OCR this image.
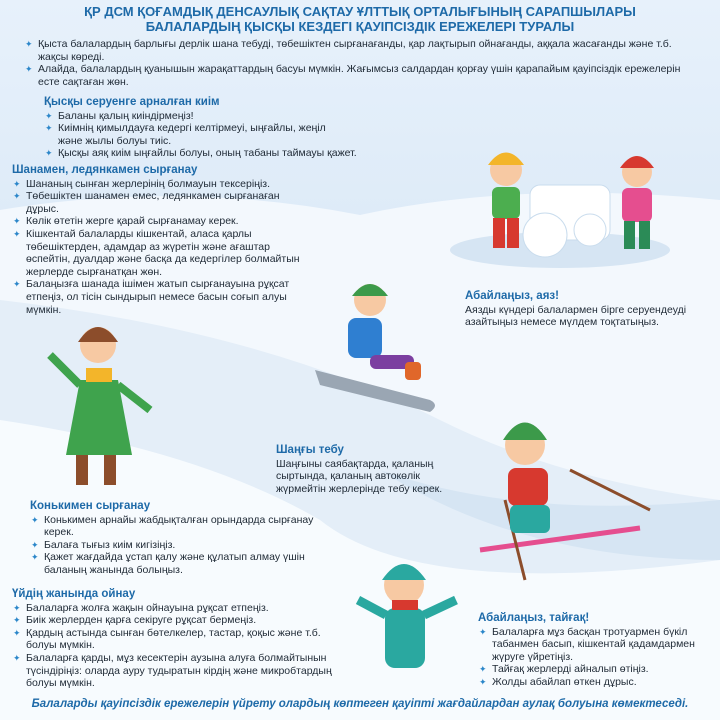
ҚР ДСМ ҚОҒАМДЫҚ ДЕНСАУЛЫҚ САҚТАУ ҰЛТТЫҚ ОРТАЛЫҒЫНЫҢ САРАПШЫЛАРЫ
БАЛАЛАРДЫҢ ҚЫСҚЫ КЕЗДЕГІ ҚАУІПСІЗДІК ЕРЕЖЕЛЕРІ ТУРАЛЫ
✦ Қыста балалардың барлығы дерлік шана тебуді, төбешіктен сырғанағанды, қар лақтырып ойнағанды, аққала жасағанды және т.б. жақсы көреді.
✦ Алайда, балалардың қуанышын жарақаттардың басуы мүмкін. Жағымсыз салдардан қорғау үшін қарапайым қауіпсіздік ережелерін есте сақтаған жөн.
Қысқы серуенге арналған киім
✦ Баланы қалың киіндірмеңіз!
✦ Киімнің қимылдауға кедергі келтірмеуі, ыңғайлы, жеңіл және жылы болуы тиіс.
✦ Қысқы аяқ киім ыңғайлы болуы, оның табаны таймауы қажет.
Шанамен, ледянкамен сырғанау
✦ Шананың сынған жерлерінің болмауын тексеріңіз.
✦ Төбешіктен шанамен емес, ледянкамен сырғанаған дұрыс.
✦ Көлік өтетін жерге қарай сырғанамау керек.
✦ Кішкентай балаларды кішкентай, аласа қарлы төбешіктерден, адамдар аз жүретін және ағаштар өспейтін, дуалдар және басқа да кедергілер болмайтын жерлерде сырғанатқан жөн.
✦ Балаңызға шанада ішімен жатып сырғанауына рұқсат етпеңіз, ол тісін сындырып немесе басын соғып алуы мүмкін.
Абайлаңыз, аяз!

Аязды күндері балалармен бірге серуендеуді азайтыңыз немесе мүлдем тоқтатыңыз.

Шаңғы тебу

Шаңғыны саябақтарда, қаланың сыртында, қаланың автокөлік жүрмейтін жерлерінде тебу керек.

Конькимен сырғанау
✦ Конькимен арнайы жабдықталған орындарда сырғанау керек.
✦ Балаға тығыз киім кигізіңіз.
✦ Қажет жағдайда ұстап қалу және құлатып алмау үшін баланың жанында болыңыз.
Үйдің жанында ойнау
✦ Балаларға жолға жақын ойнауына рұқсат етпеңіз.
✦ Биік жерлерден қарға секіруге рұқсат бермеңіз.
✦ Қардың астында сынған бөтелкелер, тастар, қоқыс және т.б. болуы мүмкін.
✦ Балаларға қарды, мұз кесектерін аузына алуға болмайтынын түсіндіріңіз: оларда ауру тудыратын кірдің және микробтардың болуы мүмкін.
Абайлаңыз, тайғақ!
✦ Балаларға мұз басқан тротуармен бүкіл табанмен басып, кішкентай қадамдармен жүруге үйретіңіз.
✦ Тайғақ жерлерді айналып өтіңіз.
✦ Жолды абайлап өткен дұрыс.
Балаларды қауіпсіздік ережелерін үйрету олардың көптеген қауіпті жағдайлардан аулақ болуына көмектеседі.
